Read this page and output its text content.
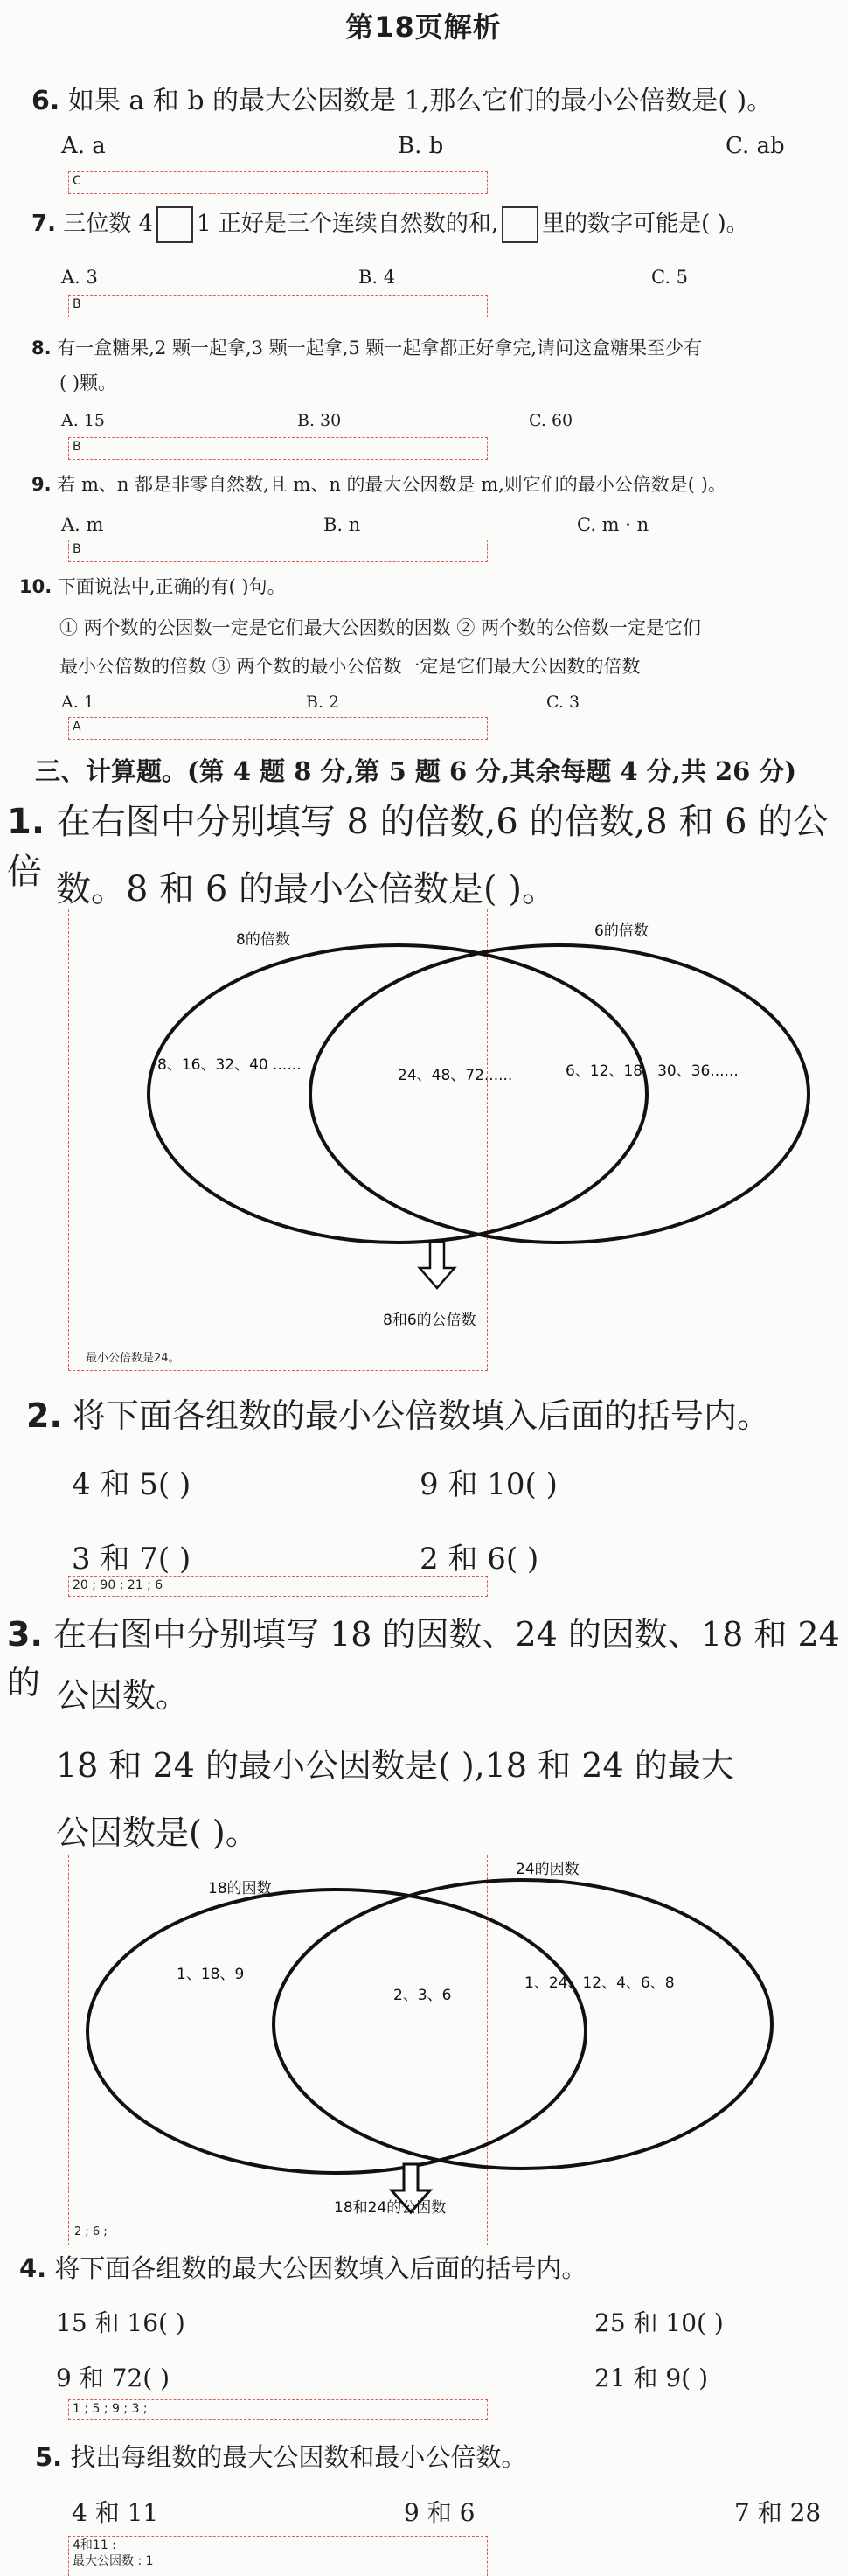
第18页解析
6. 如果 a 和 b 的最大公因数是 1,那么它们的最小公倍数是( )。
A. a	B. b	C. ab
C
7. 三位数 4 1 正好是三个连续自然数的和, 里的数字可能是( )。
A. 3	B. 4	C. 5
B
8. 有一盒糖果,2 颗一起拿,3 颗一起拿,5 颗一起拿都正好拿完,请问这盒糖果至少有
( )颗。
A. 15	B. 30	C. 60
B
9. 若 m、n 都是非零自然数,且 m、n 的最大公因数是 m,则它们的最小公倍数是( )。
A. m	B. n	C. m · n
B
10. 下面说法中,正确的有( )句。
① 两个数的公因数一定是它们最大公因数的因数 ② 两个数的公倍数一定是它们
最小公倍数的倍数 ③ 两个数的最小公倍数一定是它们最大公因数的倍数
A. 1	B. 2	C. 3
A
三、计算题。(第 4 题 8 分,第 5 题 6 分,其余每题 4 分,共 26 分)
1. 在右图中分别填写 8 的倍数,6 的倍数,8 和 6 的公倍 数。8 和 6 的最小公倍数是( )。
8的倍数	6的倍数
8、16、32、40 ......
24、48、72......	6、12、18、30、36......
8和6的公倍数
最小公倍数是24。
2. 将下面各组数的最小公倍数填入后面的括号内。
4 和 5( )	9 和 10( )
3 和 7( )	2 和 6( )
20 ; 90 ; 21 ; 6
3. 在右图中分别填写 18 的因数、24 的因数、18 和 24 的 公因数。
18 和 24 的最小公因数是( ),18 和 24 的最大
公因数是( )。
18的因数
24的因数
1、18、9
2、3、6
1、24、12、4、6、8
18和24的公因数
2 ; 6 ;
4. 将下面各组数的最大公因数填入后面的括号内。
15 和 16( )	25 和 10( )
9 和 72( )	21 和 9( )
1 ; 5 ; 9 ; 3 ;
5. 找出每组数的最大公因数和最小公倍数。
4 和 11	9 和 6	7 和 28
4和11 :
最大公因数 : 1
